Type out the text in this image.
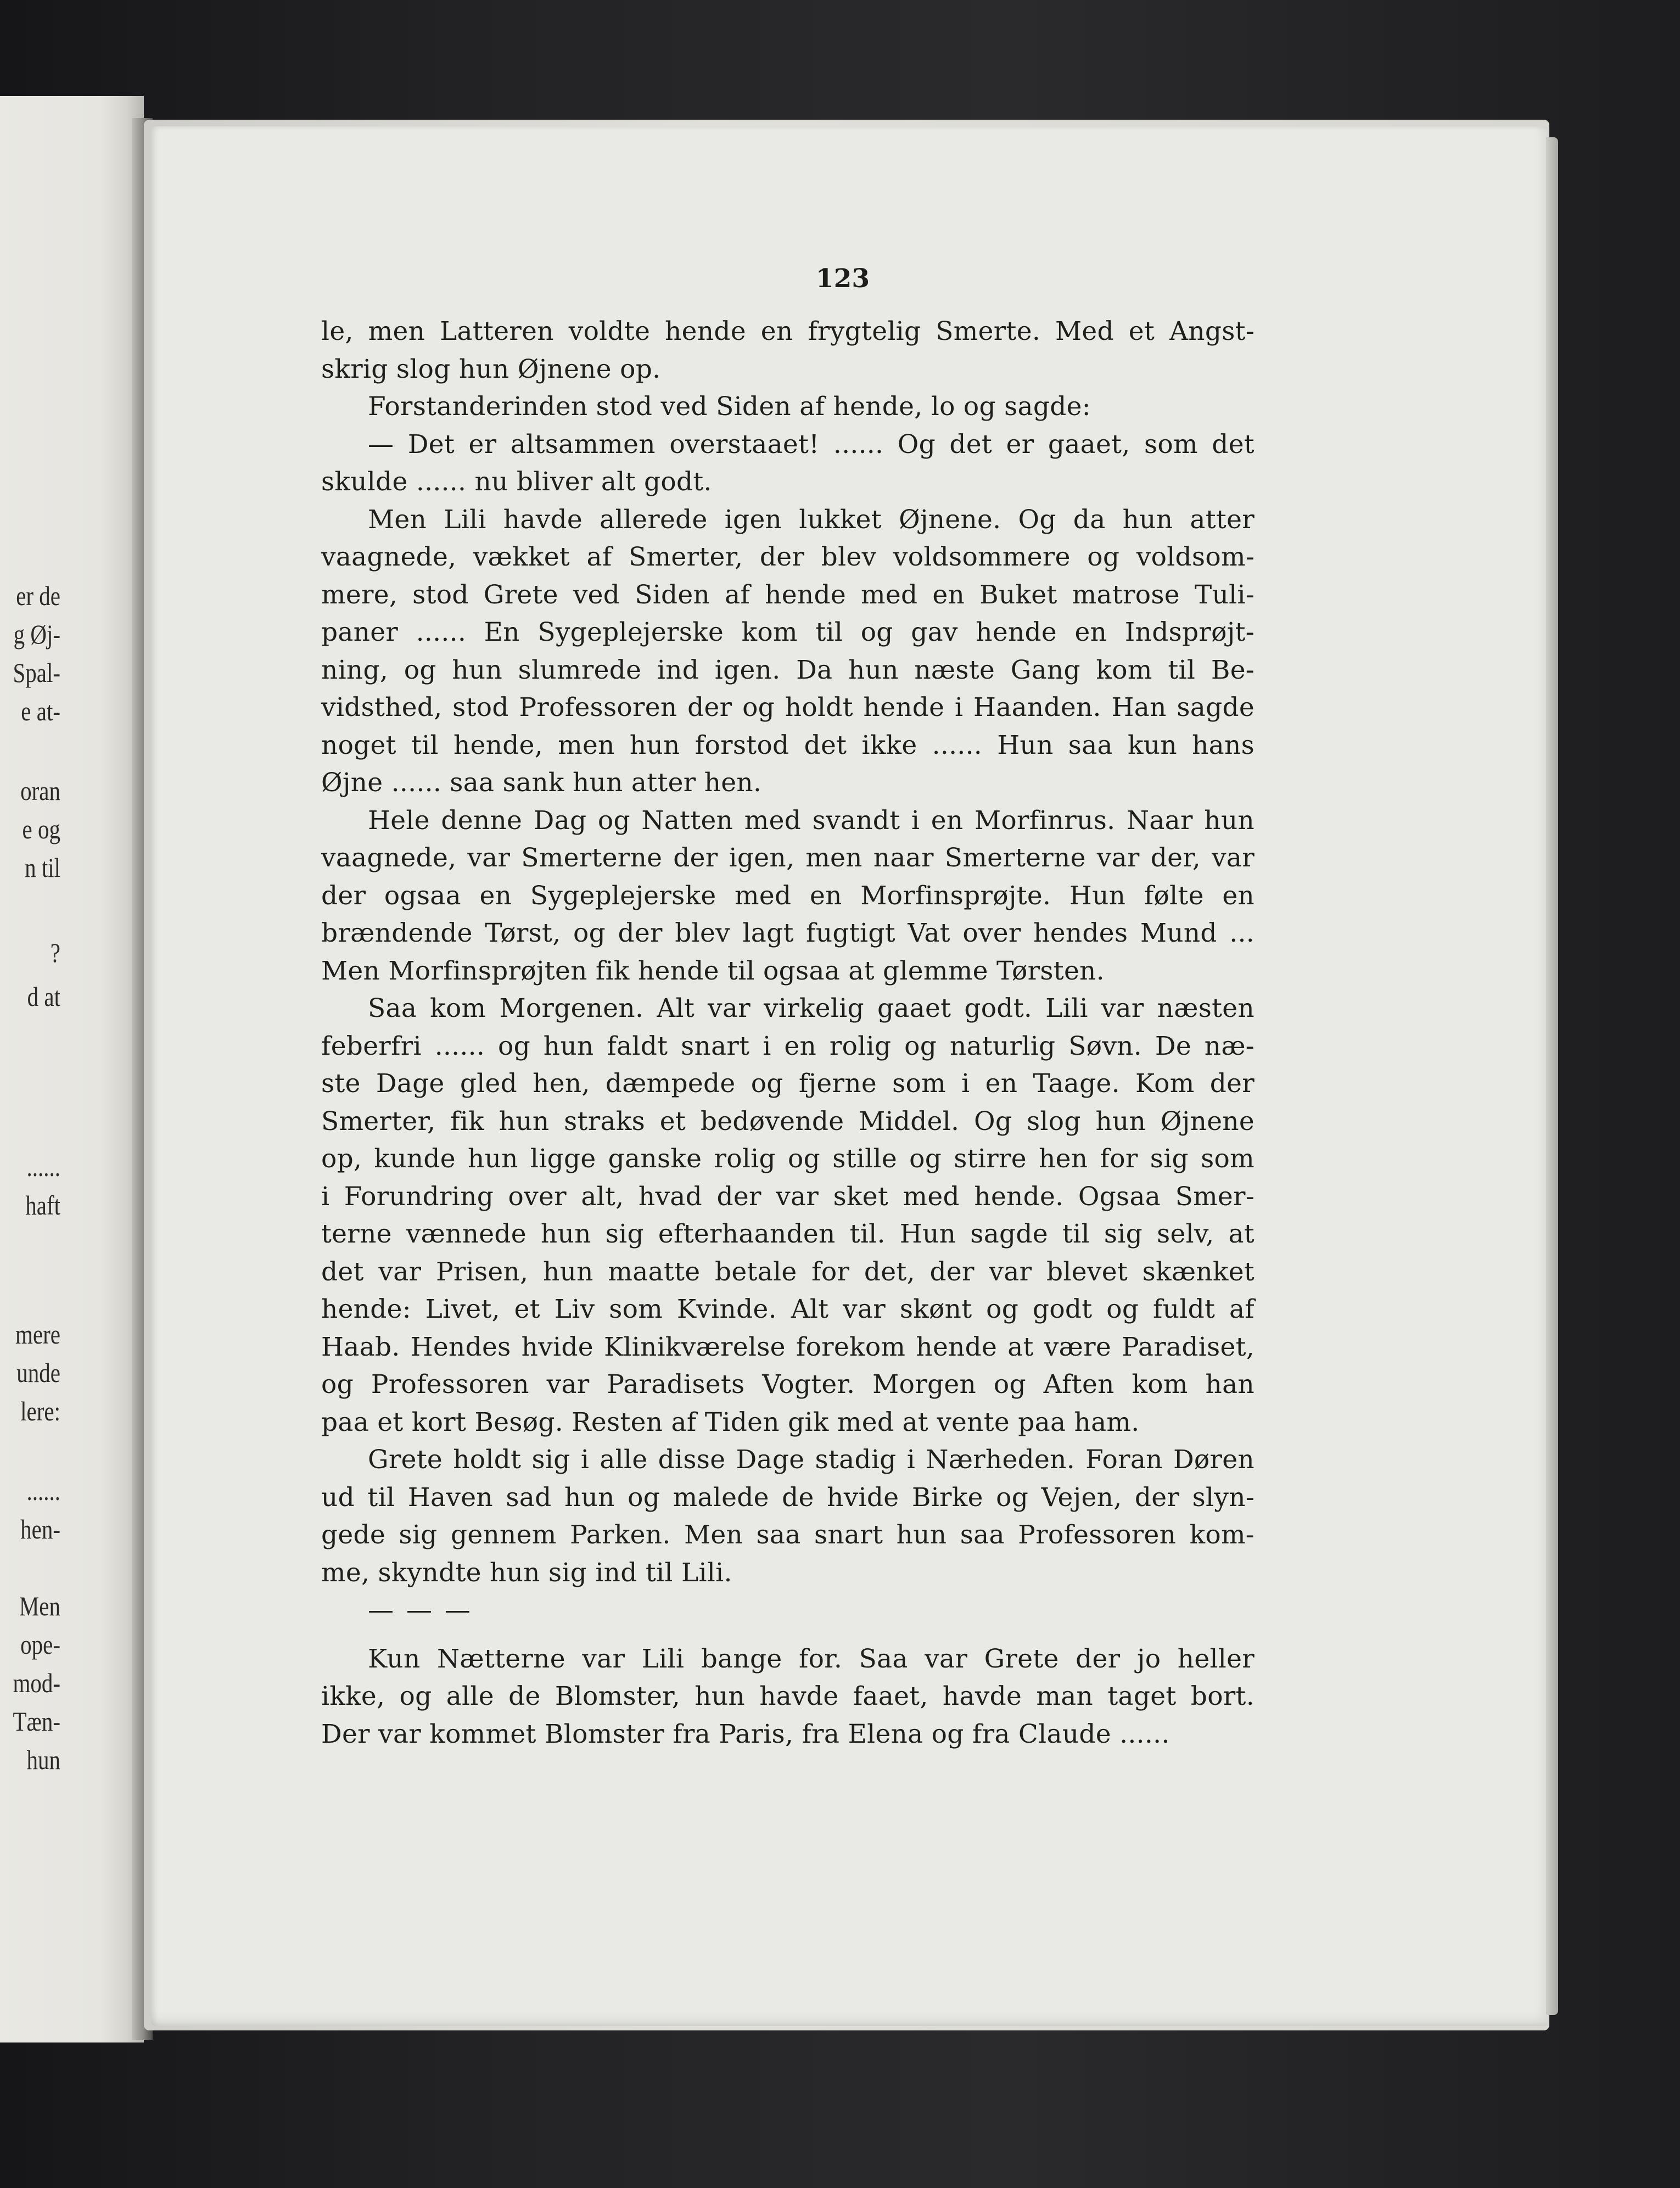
er de
g Øj-
Spal-
e at-
oran
e og
n til
?
d at
......
haft
mere
unde
lere:
......
hen-
Men
ope-
mod-
Tæn-
hun
123
le, men Latteren voldte hende en frygtelig Smerte. Med et Angst-
skrig slog hun Øjnene op.
Forstanderinden stod ved Siden af hende, lo og sagde:
— Det er altsammen overstaaet! ...... Og det er gaaet, som det
skulde ...... nu bliver alt godt.
Men Lili havde allerede igen lukket Øjnene. Og da hun atter
vaagnede, vækket af Smerter, der blev voldsommere og voldsom-
mere, stod Grete ved Siden af hende med en Buket matrose Tuli-
paner ...... En Sygeplejerske kom til og gav hende en Indsprøjt-
ning, og hun slumrede ind igen. Da hun næste Gang kom til Be-
vidsthed, stod Professoren der og holdt hende i Haanden. Han sagde
noget til hende, men hun forstod det ikke ...... Hun saa kun hans
Øjne ...... saa sank hun atter hen.
Hele denne Dag og Natten med svandt i en Morfinrus. Naar hun
vaagnede, var Smerterne der igen, men naar Smerterne var der, var
der ogsaa en Sygeplejerske med en Morfinsprøjte. Hun følte en
brændende Tørst, og der blev lagt fugtigt Vat over hendes Mund ...
Men Morfinsprøjten fik hende til ogsaa at glemme Tørsten.
Saa kom Morgenen. Alt var virkelig gaaet godt. Lili var næsten
feberfri ...... og hun faldt snart i en rolig og naturlig Søvn. De næ-
ste Dage gled hen, dæmpede og fjerne som i en Taage. Kom der
Smerter, fik hun straks et bedøvende Middel. Og slog hun Øjnene
op, kunde hun ligge ganske rolig og stille og stirre hen for sig som
i Forundring over alt, hvad der var sket med hende. Ogsaa Smer-
terne vænnede hun sig efterhaanden til. Hun sagde til sig selv, at
det var Prisen, hun maatte betale for det, der var blevet skænket
hende: Livet, et Liv som Kvinde. Alt var skønt og godt og fuldt af
Haab. Hendes hvide Klinikværelse forekom hende at være Paradiset,
og Professoren var Paradisets Vogter. Morgen og Aften kom han
paa et kort Besøg. Resten af Tiden gik med at vente paa ham.
Grete holdt sig i alle disse Dage stadig i Nærheden. Foran Døren
ud til Haven sad hun og malede de hvide Birke og Vejen, der slyn-
gede sig gennem Parken. Men saa snart hun saa Professoren kom-
me, skyndte hun sig ind til Lili.
— — —
Kun Nætterne var Lili bange for. Saa var Grete der jo heller
ikke, og alle de Blomster, hun havde faaet, havde man taget bort.
Der var kommet Blomster fra Paris, fra Elena og fra Claude ......
